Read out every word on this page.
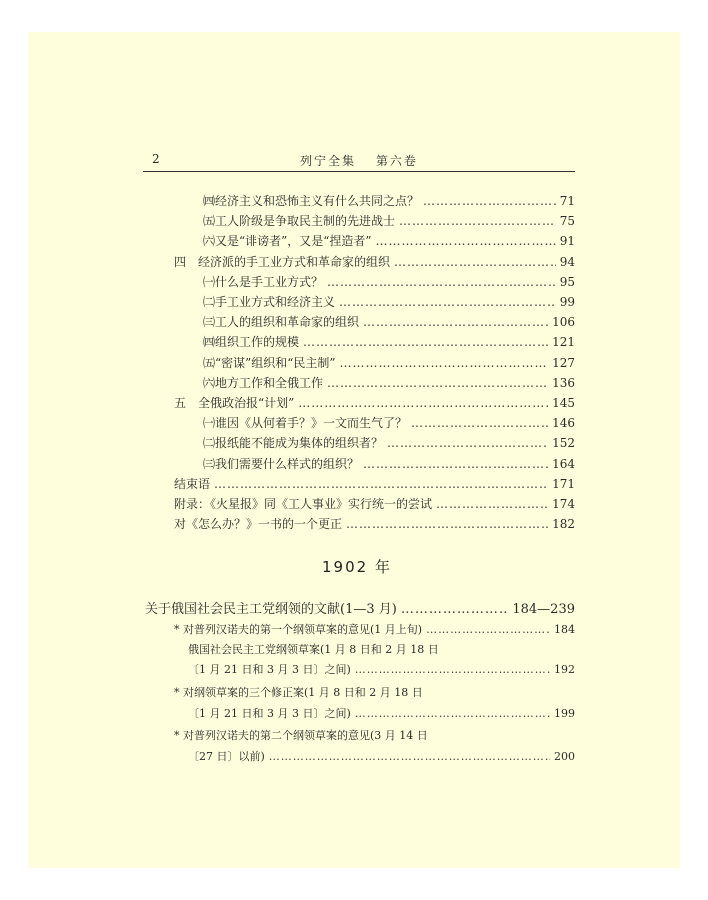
2	列宁全集　 第六卷
㈣经济主义和恐怖主义有什么共同之点？ ……………………………………………………………………………………………………………………	71
㈤工人阶级是争取民主制的先进战士 ……………………………………………………………………………………………………………………	75
㈥又是“诽谤者”，又是“捏造者” ……………………………………………………………………………………………………………………	91
四　经济派的手工业方式和革命家的组织 ……………………………………………………………………………………………………………………	94
㈠什么是手工业方式？ ……………………………………………………………………………………………………………………	95
㈡手工业方式和经济主义 ……………………………………………………………………………………………………………………	99
㈢工人的组织和革命家的组织 ……………………………………………………………………………………………………………………	106
㈣组织工作的规模 ……………………………………………………………………………………………………………………	121
㈤“密谋”组织和“民主制” ……………………………………………………………………………………………………………………	127
㈥地方工作和全俄工作 ……………………………………………………………………………………………………………………	136
五　全俄政治报“计划” ……………………………………………………………………………………………………………………	145
㈠谁因《从何着手？》一文而生气了？ ……………………………………………………………………………………………………………………	146
㈡报纸能不能成为集体的组织者？ ……………………………………………………………………………………………………………………	152
㈢我们需要什么样式的组织？ ……………………………………………………………………………………………………………………	164
结束语 ……………………………………………………………………………………………………………………	171
附录：《火星报》同《工人事业》实行统一的尝试 ……………………………………………………………………………………………………………………	174
对《怎么办？》一书的一个更正 ……………………………………………………………………………………………………………………	182
1902 年
关于俄国社会民主工党纲领的文献(1—3 月) ……………………………………………………………………………………………………………………	184—239
* 对普列汉诺夫的第一个纲领草案的意见(1 月上旬) ……………………………………………………………………………………………………………………	184
俄国社会民主工党纲领草案(1 月 8 日和 2 月 18 日
〔1 月 21 日和 3 月 3 日〕之间) ……………………………………………………………………………………………………………………	192
* 对纲领草案的三个修正案(1 月 8 日和 2 月 18 日
〔1 月 21 日和 3 月 3 日〕之间) ……………………………………………………………………………………………………………………	199
* 对普列汉诺夫的第二个纲领草案的意见(3 月 14 日
〔27 日〕以前) ……………………………………………………………………………………………………………………	200
